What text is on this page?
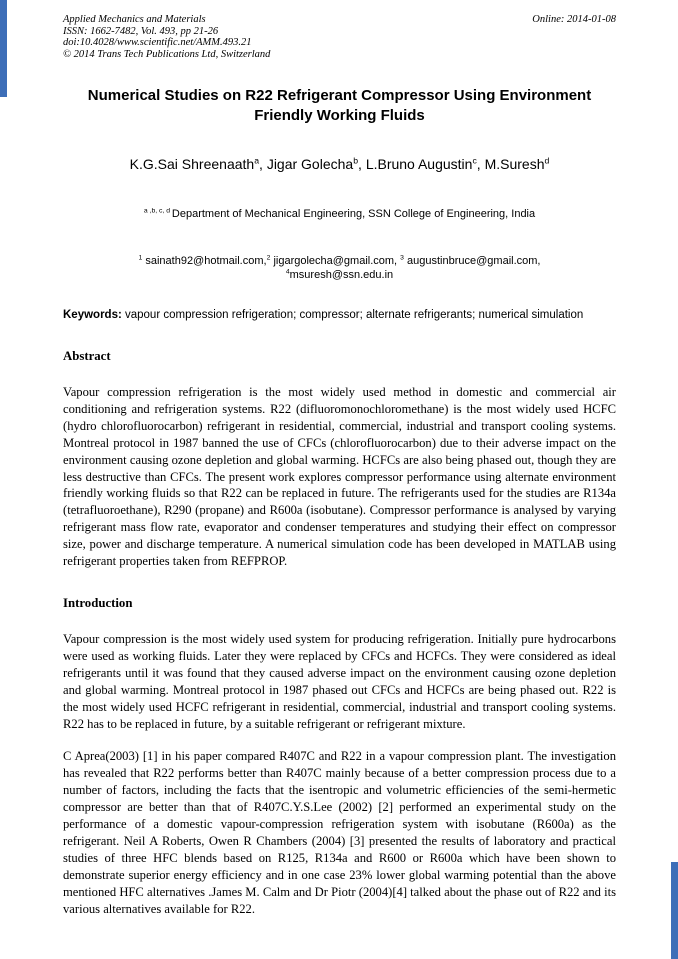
Applied Mechanics and Materials
ISSN: 1662-7482, Vol. 493, pp 21-26
doi:10.4028/www.scientific.net/AMM.493.21
© 2014 Trans Tech Publications Ltd, Switzerland
Online: 2014-01-08
Numerical Studies on R22 Refrigerant Compressor Using Environment Friendly Working Fluids
K.G.Sai Shreenaath$^a$, Jigar Golecha$^b$, L.Bruno Augustin$^c$, M.Suresh$^d$
$^{a ,b, c, d}$ Department of Mechanical Engineering, SSN College of Engineering, India
$^1$ sainath92@hotmail.com,$^2$ jigargolecha@gmail.com, $^3$ augustinbruce@gmail.com,
$^4$msuresh@ssn.edu.in

Keywords: vapour compression refrigeration; compressor; alternate refrigerants; numerical simulation

Abstract

Vapour compression refrigeration is the most widely used method in domestic and commercial air conditioning and refrigeration systems. R22 (difluoromonochloromethane) is the most widely used HCFC (hydro chlorofluorocarbon) refrigerant in residential, commercial, industrial and transport cooling systems. Montreal protocol in 1987 banned the use of CFCs (chlorofluorocarbon) due to their adverse impact on the environment causing ozone depletion and global warming. HCFCs are also being phased out, though they are less destructive than CFCs. The present work explores compressor performance using alternate environment friendly working fluids so that R22 can be replaced in future. The refrigerants used for the studies are R134a (tetrafluoroethane), R290 (propane) and R600a (isobutane). Compressor performance is analysed by varying refrigerant mass flow rate, evaporator and condenser temperatures and studying their effect on compressor size, power and discharge temperature. A numerical simulation code has been developed in MATLAB using refrigerant properties taken from REFPROP.

Introduction

Vapour compression is the most widely used system for producing refrigeration. Initially pure hydrocarbons were used as working fluids. Later they were replaced by CFCs and HCFCs. They were considered as ideal refrigerants until it was found that they caused adverse impact on the environment causing ozone depletion and global warming. Montreal protocol in 1987 phased out CFCs and HCFCs are being phased out. R22 is the most widely used HCFC refrigerant in residential, commercial, industrial and transport cooling systems. R22 has to be replaced in future, by a suitable refrigerant or refrigerant mixture.

C Aprea(2003) [1] in his paper compared R407C and R22 in a vapour compression plant. The investigation has revealed that R22 performs better than R407C mainly because of a better compression process due to a number of factors, including the facts that the isentropic and volumetric efficiencies of the semi-hermetic compressor are better than that of R407C.Y.S.Lee (2002) [2] performed an experimental study on the performance of a domestic vapour-compression refrigeration system with isobutane (R600a) as the refrigerant. Neil A Roberts, Owen R Chambers (2004) [3] presented the results of laboratory and practical studies of three HFC blends based on R125, R134a and R600 or R600a which have been shown to demonstrate superior energy efficiency and in one case 23% lower global warming potential than the above mentioned HFC alternatives .James M. Calm and Dr Piotr (2004)[4] talked about the phase out of R22 and its various alternatives available for R22.
